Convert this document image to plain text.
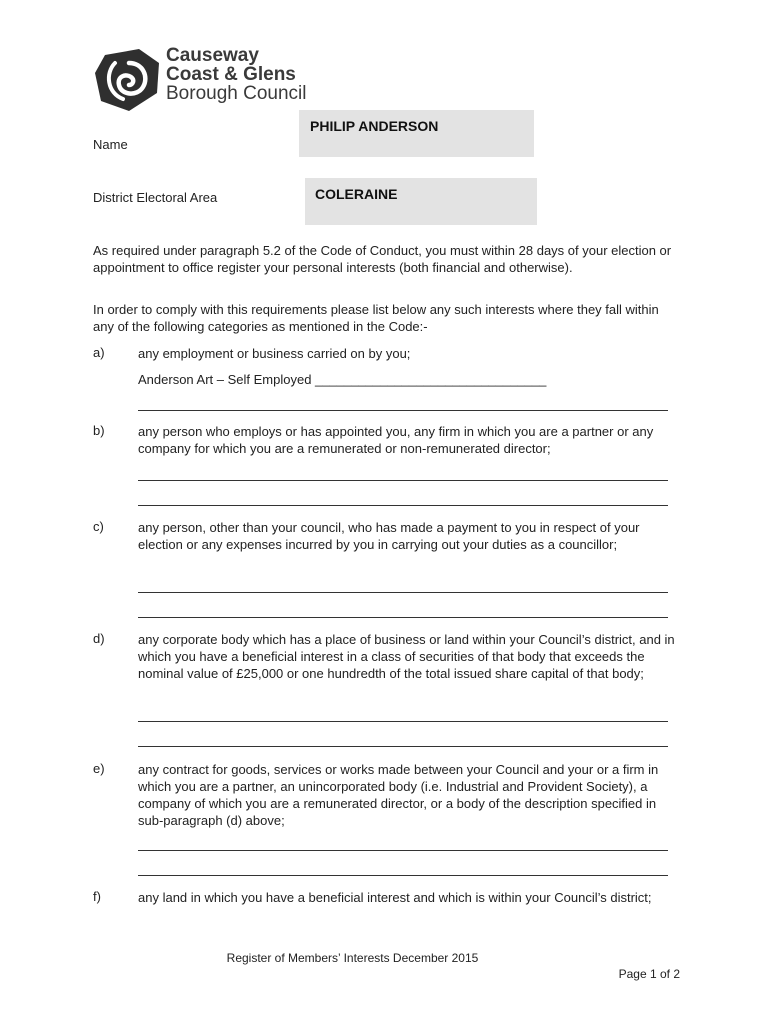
Causeway
Coast & Glens
Borough Council
Name
PHILIP ANDERSON
District Electoral Area	COLERAINE

As required under paragraph 5.2 of the Code of Conduct, you must within 28 days of your election or appointment to office register your personal interests (both financial and otherwise).

In order to comply with this requirements please list below any such interests where they fall within any of the following categories as mentioned in the Code:-

a)	any employment or business carried on by you;
Anderson Art – Self Employed ________________________________
b)	any person who employs or has appointed you, any firm in which you are a partner or any company for which you are a remunerated or non-remunerated director;
c)	any person, other than your council, who has made a payment to you in respect of your election or any expenses incurred by you in carrying out your duties as a councillor;
d)	any corporate body which has a place of business or land within your Council’s district, and in which you have a beneficial interest in a class of securities of that body that exceeds the nominal value of £25,000 or one hundredth of the total issued share capital of that body;
e)	any contract for goods, services or works made between your Council and your or a firm in which you are a partner, an unincorporated body (i.e. Industrial and Provident Society), a company of which you are a remunerated director, or a body of the description specified in sub-paragraph (d) above;
f)	any land in which you have a beneficial interest and which is within your Council’s district;
Register of Members’ Interests December 2015
Page 1 of 2
